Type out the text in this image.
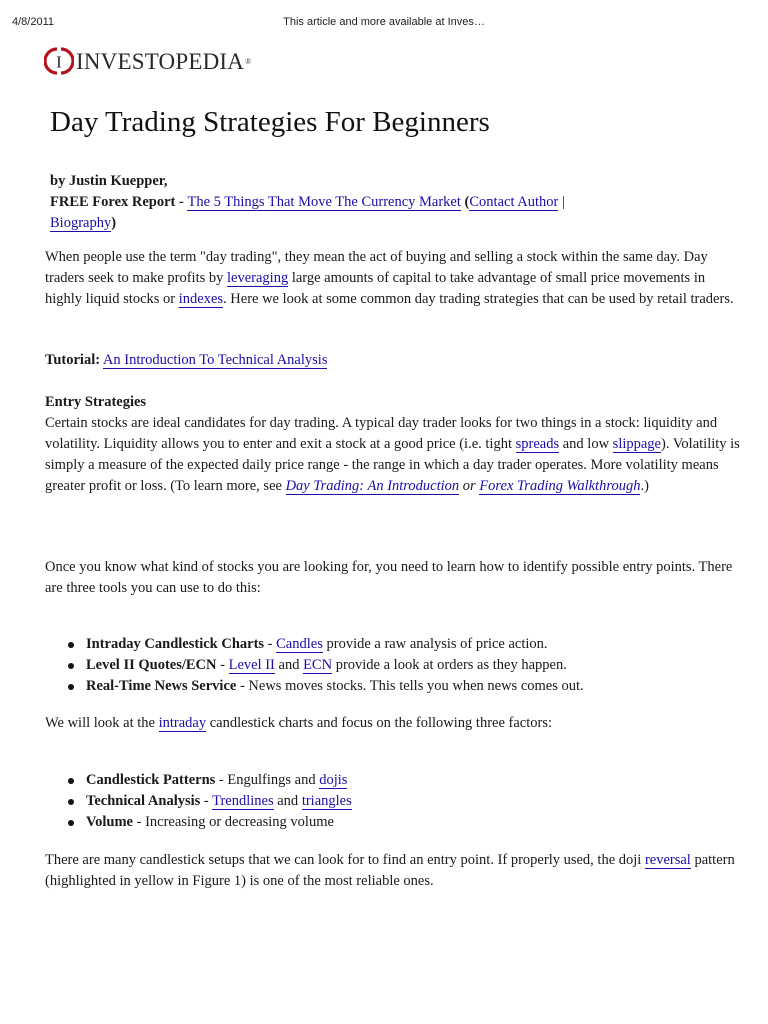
4/8/2011	This article and more available at Inves…
I INVESTOPEDIA ®
Day Trading Strategies For Beginners
by Justin Kuepper,
FREE Forex Report - The 5 Things That Move The Currency Market (Contact Author |
Biography)

When people use the term "day trading", they mean the act of buying and selling a stock within the same day. Day traders seek to make profits by leveraging large amounts of capital to take advantage of small price movements in highly liquid stocks or indexes. Here we look at some common day trading strategies that can be used by retail traders.

Tutorial: An Introduction To Technical Analysis

Entry Strategies

Certain stocks are ideal candidates for day trading. A typical day trader looks for two things in a stock: liquidity and volatility. Liquidity allows you to enter and exit a stock at a good price (i.e. tight spreads and low slippage). Volatility is simply a measure of the expected daily price range - the range in which a day trader operates. More volatility means greater profit or loss. (To learn more, see Day Trading: An Introduction or Forex Trading Walkthrough.)

Once you know what kind of stocks you are looking for, you need to learn how to identify possible entry points. There are three tools you can use to do this:

Intraday Candlestick Charts - Candles provide a raw analysis of price action.
Level II Quotes/ECN - Level II and ECN provide a look at orders as they happen.
Real-Time News Service - News moves stocks. This tells you when news comes out.

We will look at the intraday candlestick charts and focus on the following three factors:

Candlestick Patterns - Engulfings and dojis
Technical Analysis - Trendlines and triangles
Volume - Increasing or decreasing volume

There are many candlestick setups that we can look for to find an entry point. If properly used, the doji reversal pattern (highlighted in yellow in Figure 1) is one of the most reliable ones.
